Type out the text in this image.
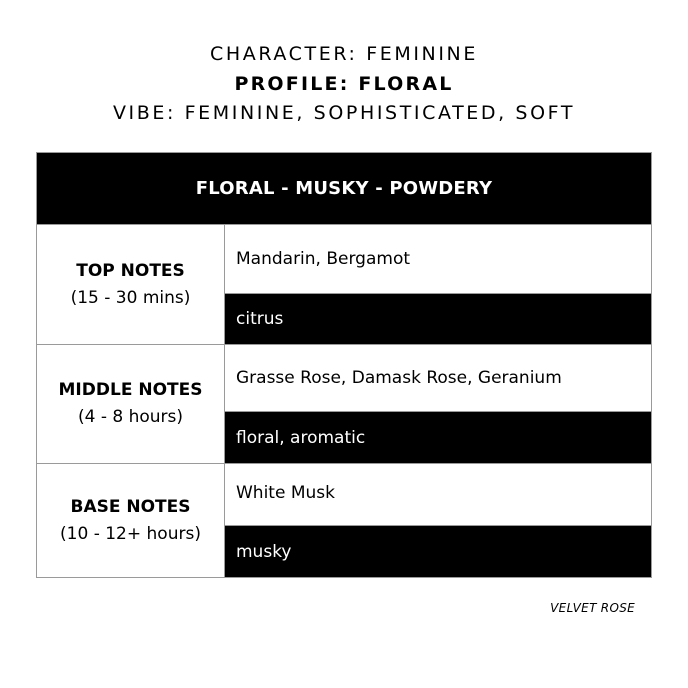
CHARACTER: FEMININE
PROFILE: FLORAL
VIBE: FEMININE, SOPHISTICATED, SOFT
FLORAL - MUSKY - POWDERY
TOP NOTES
(15 - 30 mins)
Mandarin, Bergamot
citrus
MIDDLE NOTES
(4 - 8 hours)
Grasse Rose, Damask Rose, Geranium
floral, aromatic
BASE NOTES
(10 - 12+ hours)
White Musk
musky
VELVET ROSE
